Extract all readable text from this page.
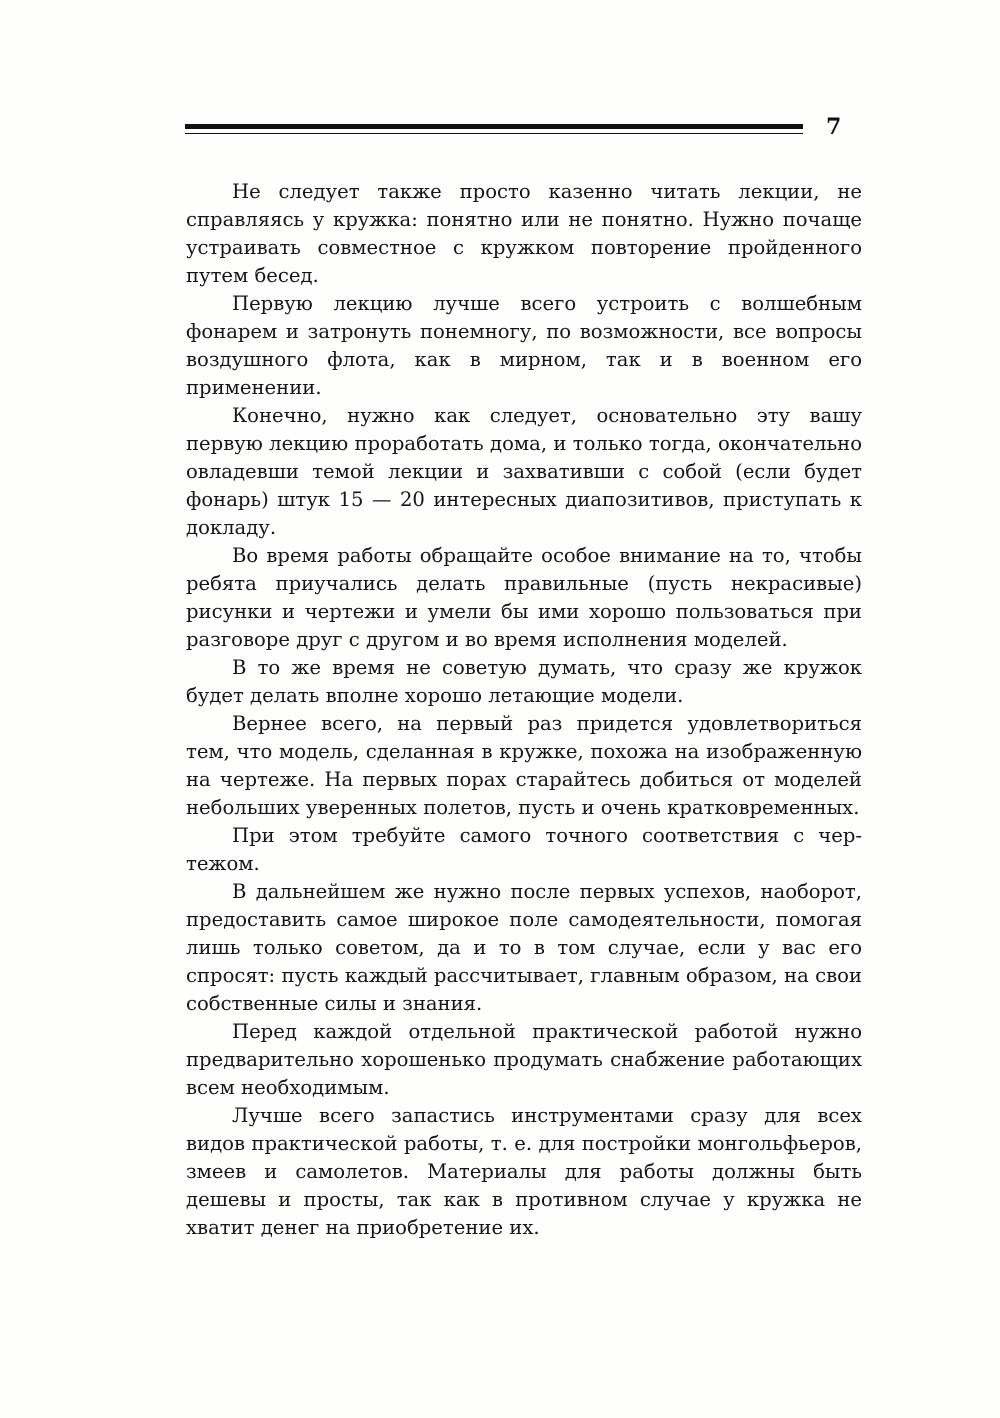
7

Не следует также просто казенно читать лекции, не справляясь у кружка: понятно или не понятно. Нужно почаще устраивать совместное с кружком повторение пройденного путем бесед.

Первую лекцию лучше всего устроить с волшебным фонарем и затронуть понемногу, по возможности, все вопросы воздушного флота, как в мирном, так и в военном его применении.

Конечно, нужно как следует, основательно эту вашу первую лекцию проработать дома, и только тогда, окончательно овладевши темой лекции и захвативши с собой (если будет фонарь) штук 15 — 20 интересных диапозитивов, приступать к докладу.

Во время работы обращайте особое внимание на то, чтобы ребята приучались делать правильные (пусть некрасивые) рисунки и чертежи и умели бы ими хорошо пользоваться при разговоре друг с другом и во время исполнения моделей.

В то же время не советую думать, что сразу же кружок будет делать вполне хорошо летающие модели.

Вернее всего, на первый раз придется удовлетвориться тем, что модель, сделанная в кружке, похожа на изображенную на чертеже. На первых порах старайтесь добиться от моделей небольших уверенных полетов, пусть и очень кратковременных.

При этом требуйте самого точного соответствия с чертежом.

В дальнейшем же нужно после первых успехов, наоборот, предоставить самое широкое поле самодеятельности, помогая лишь только советом, да и то в том случае, если у вас его спросят: пусть каждый рассчитывает, главным образом, на свои собственные силы и знания.

Перед каждой отдельной практической работой нужно предварительно хорошенько продумать снабжение работающих всем необходимым.

Лучше всего запастись инструментами сразу для всех видов практической работы, т. е. для постройки монгольфьеров, змеев и самолетов. Материалы для работы должны быть дешевы и просты, так как в противном случае у кружка не хватит денег на приобретение их.
